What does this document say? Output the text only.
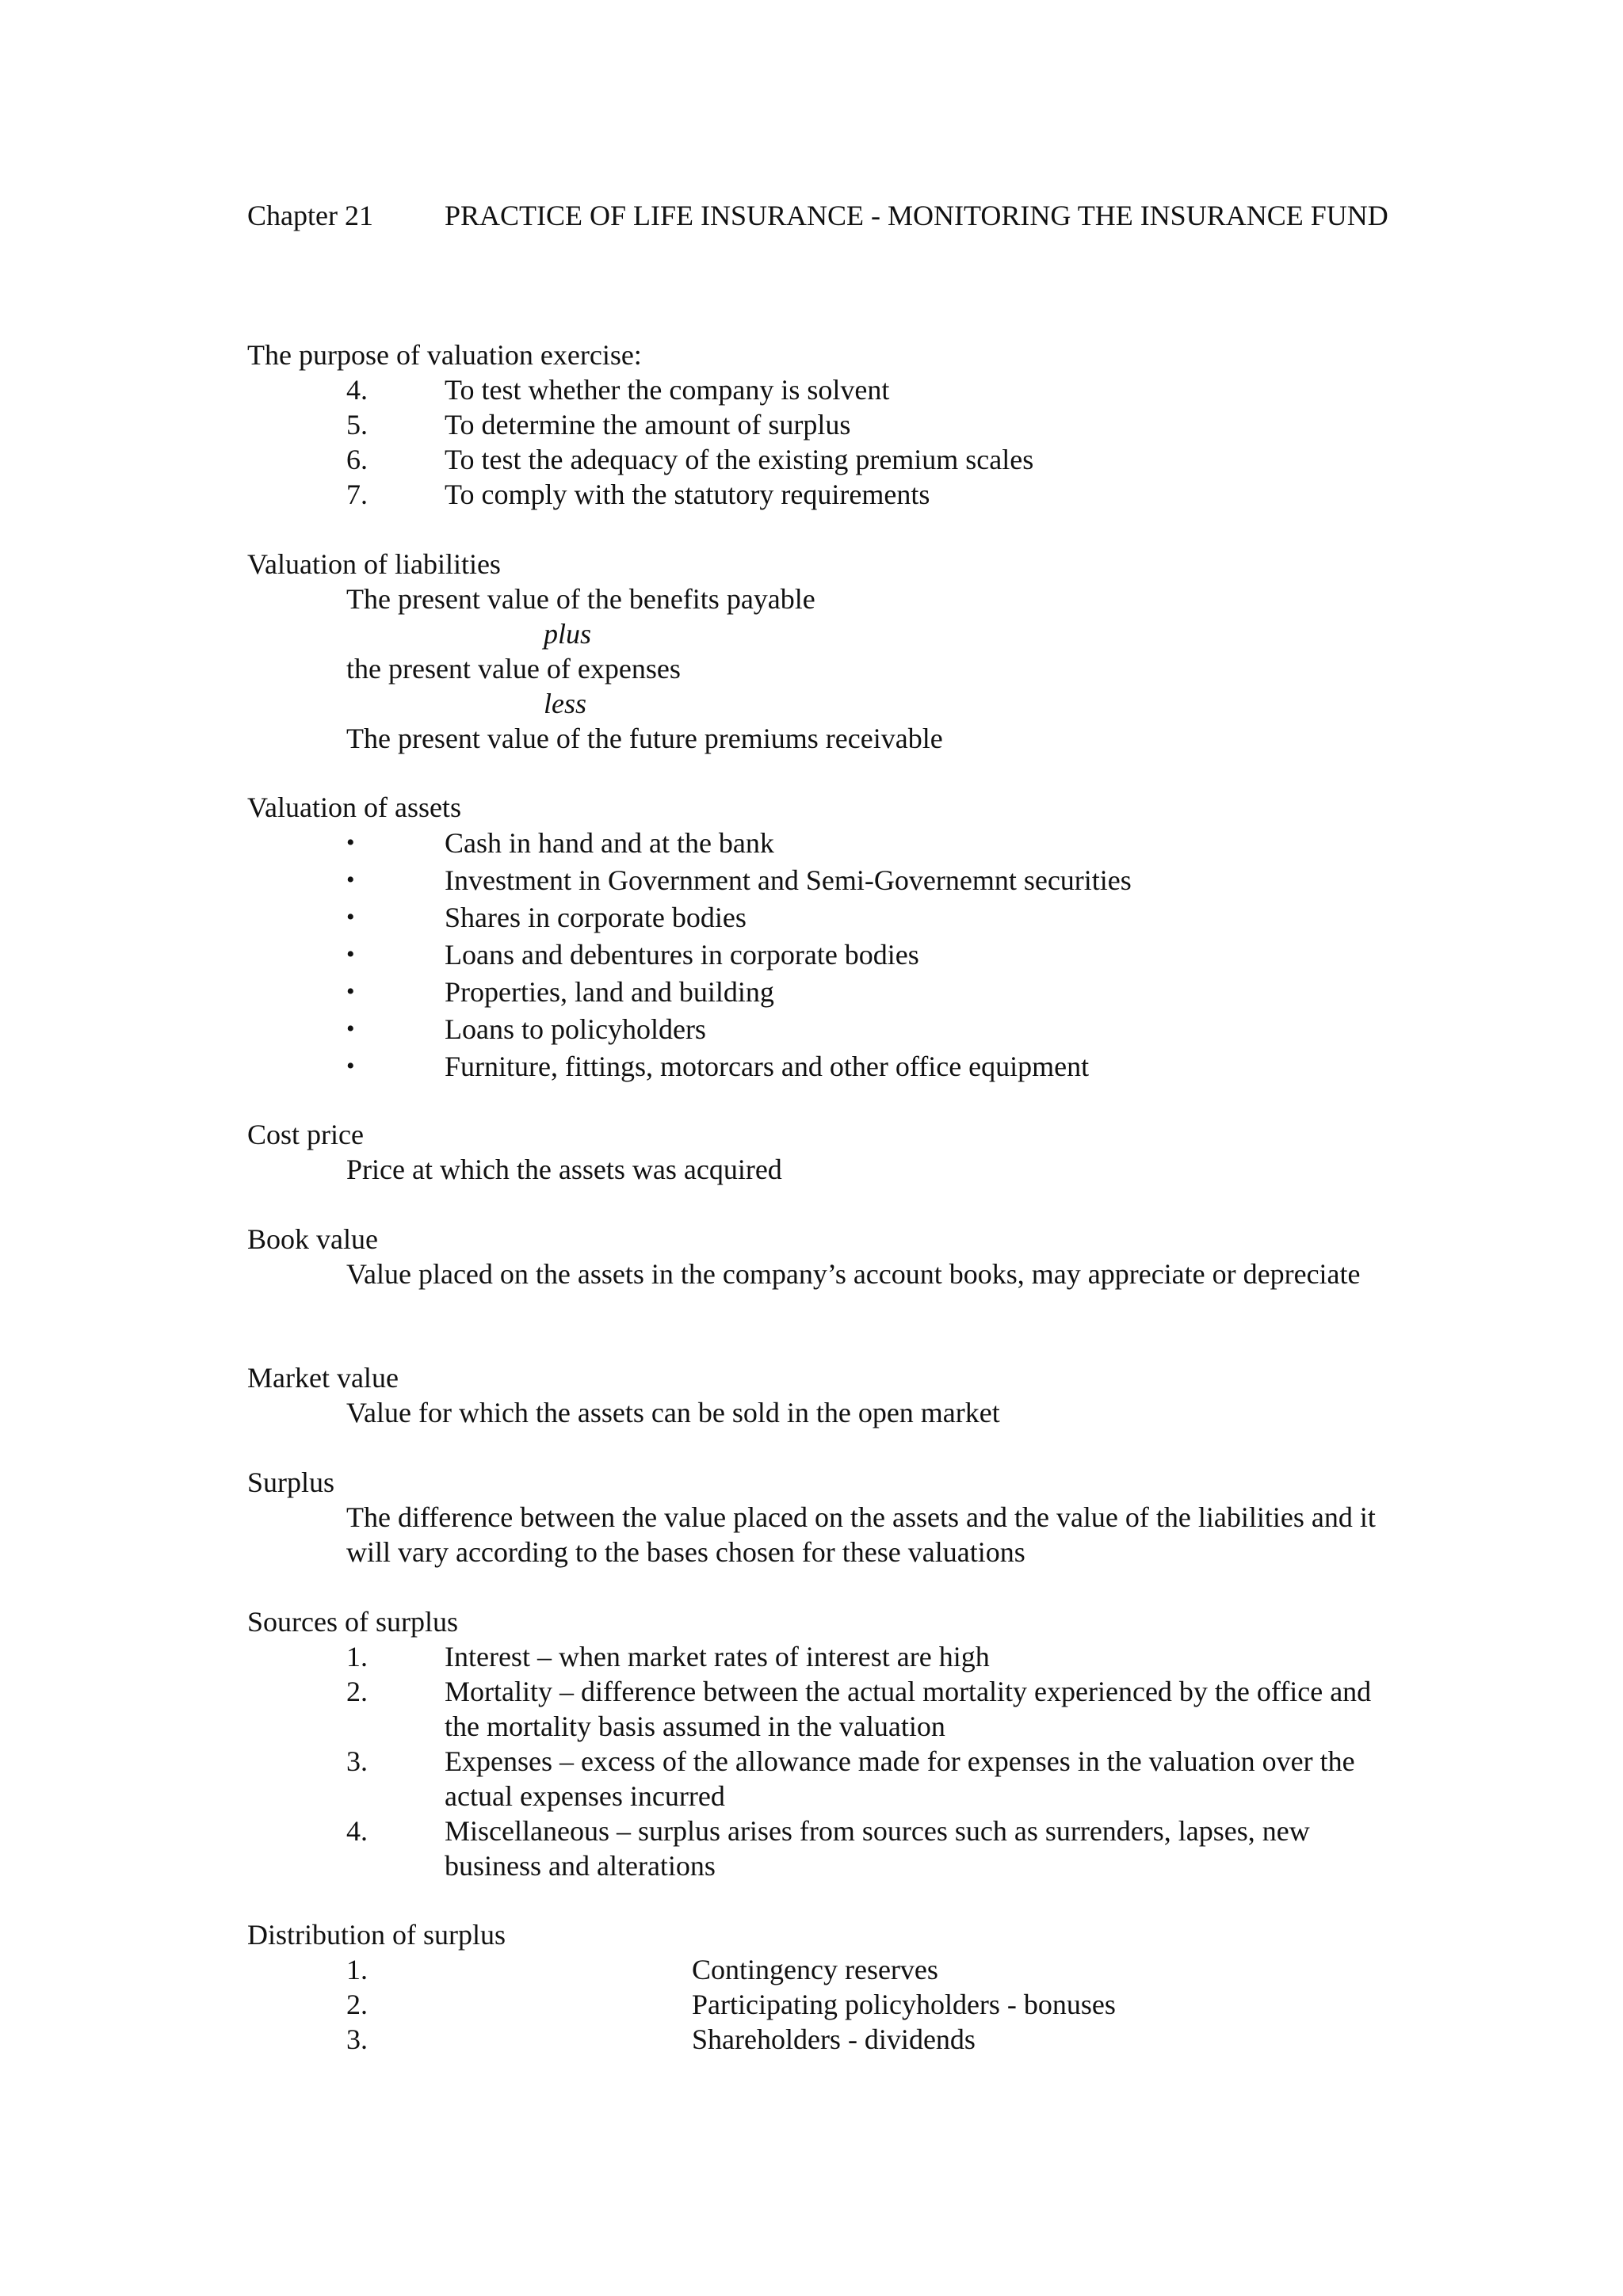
Chapter 21	PRACTICE OF LIFE INSURANCE - MONITORING THE INSURANCE FUND
The purpose of valuation exercise:
4.	To test whether the company is solvent
5.	To determine the amount of surplus
6.	To test the adequacy of the existing premium scales
7.	To comply with the statutory requirements
Valuation of liabilities
The present value of the benefits payable
plus
the present value of expenses
less
The present value of the future premiums receivable
Valuation of assets
•	Cash in hand and at the bank
•	Investment in Government and Semi-Governemnt securities
•	Shares in corporate bodies
•	Loans and debentures in corporate bodies
•	Properties, land and building
•	Loans to policyholders
•	Furniture, fittings, motorcars and other office equipment
Cost price
Price at which the assets was acquired
Book value
Value placed on the assets in the company’s account books, may appreciate or depreciate
Market value
Value for which the assets can be sold in the open market
Surplus
The difference between the value placed on the assets and the value of the liabilities and it will vary according to the bases chosen for these valuations
Sources of surplus
1.	Interest – when market rates of interest are high
2.	Mortality – difference between the actual mortality experienced by the office and the mortality basis assumed in the valuation
3.	Expenses – excess of the allowance made for expenses in the valuation over the actual expenses incurred
4.	Miscellaneous – surplus arises from sources such as surrenders, lapses, new business and alterations
Distribution of surplus
1.	Contingency reserves
2.	Participating policyholders - bonuses
3.	Shareholders - dividends
